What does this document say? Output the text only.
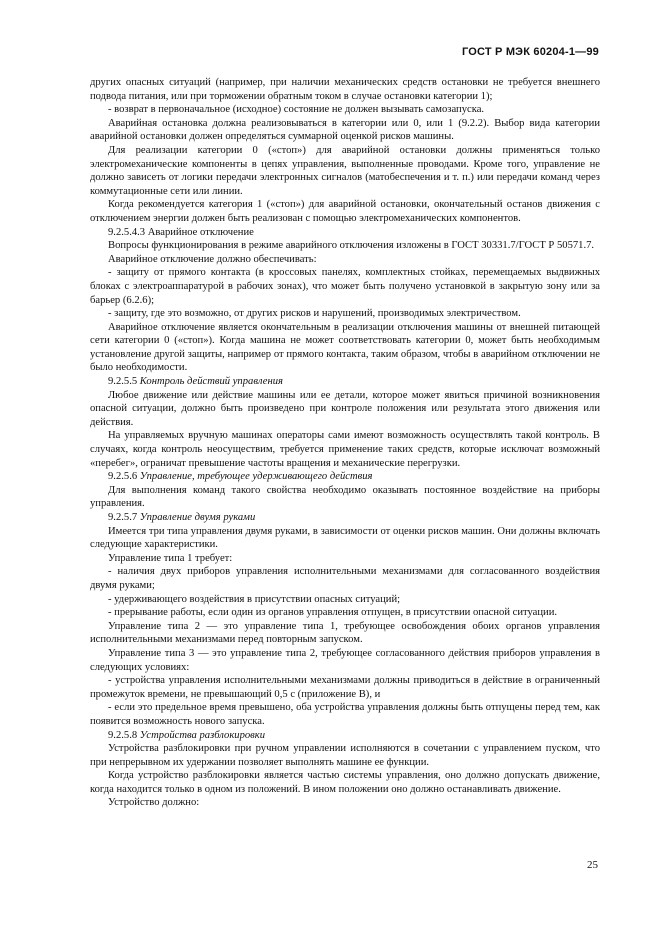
ГОСТ Р МЭК 60204-1—99

других опасных ситуаций (например, при наличии механических средств остановки не требуется внешнего подвода питания, или при торможении обратным током в случае остановки категории 1);

- возврат в первоначальное (исходное) состояние не должен вызывать самозапуска.

Аварийная остановка должна реализовываться в категории или 0, или 1 (9.2.2). Выбор вида категории аварийной остановки должен определяться суммарной оценкой рисков машины.

Для реализации категории 0 («стоп») для аварийной остановки должны применяться только электромеханические компоненты в цепях управления, выполненные проводами. Кроме того, управление не должно зависеть от логики передачи электронных сигналов (матобеспечения и т. п.) или передачи команд через коммутационные сети или линии.

Когда рекомендуется категория 1 («стоп») для аварийной остановки, окончательный останов движения с отключением энергии должен быть реализован с помощью электромеханических компонентов.

9.2.5.4.3 Аварийное отключение

Вопросы функционирования в режиме аварийного отключения изложены в ГОСТ 30331.7/ГОСТ Р 50571.7.

Аварийное отключение должно обеспечивать:

- защиту от прямого контакта (в кроссовых панелях, комплектных стойках, перемещаемых выдвижных блоках с электроаппаратурой в рабочих зонах), что может быть получено установкой в закрытую зону или за барьер (6.2.6);

- защиту, где это возможно, от других рисков и нарушений, производимых электричеством.

Аварийное отключение является окончательным в реализации отключения машины от внешней питающей сети категории 0 («стоп»). Когда машина не может соответствовать категории 0, может быть необходимым установление другой защиты, например от прямого контакта, таким образом, чтобы в аварийном отключении не было необходимости.

9.2.5.5 Контроль действий управления

Любое движение или действие машины или ее детали, которое может явиться причиной возникновения опасной ситуации, должно быть произведено при контроле положения или результата этого движения или действия.

На управляемых вручную машинах операторы сами имеют возможность осуществлять такой контроль. В случаях, когда контроль неосуществим, требуется применение таких средств, которые исключат возможный «перебег», ограничат превышение частоты вращения и механические перегрузки.

9.2.5.6 Управление, требующее удерживающего действия

Для выполнения команд такого свойства необходимо оказывать постоянное воздействие на приборы управления.

9.2.5.7 Управление двумя руками

Имеется три типа управления двумя руками, в зависимости от оценки рисков машин. Они должны включать следующие характеристики.

Управление типа 1 требует:

- наличия двух приборов управления исполнительными механизмами для согласованного воздействия двумя руками;

- удерживающего воздействия в присутствии опасных ситуаций;

- прерывание работы, если один из органов управления отпущен, в присутствии опасной ситуации.

Управление типа 2 — это управление типа 1, требующее освобождения обоих органов управления исполнительными механизмами перед повторным запуском.

Управление типа 3 — это управление типа 2, требующее согласованного действия приборов управления в следующих условиях:

- устройства управления исполнительными механизмами должны приводиться в действие в ограниченный промежуток времени, не превышающий 0,5 с (приложение В), и

- если это предельное время превышено, оба устройства управления должны быть отпущены перед тем, как появится возможность нового запуска.

9.2.5.8 Устройства разблокировки

Устройства разблокировки при ручном управлении исполняются в сочетании с управлением пуском, что при непрерывном их удержании позволяет выполнять машине ее функции.

Когда устройство разблокировки является частью системы управления, оно должно допускать движение, когда находится только в одном из положений. В ином положении оно должно останавливать движение.

Устройство должно:

25
